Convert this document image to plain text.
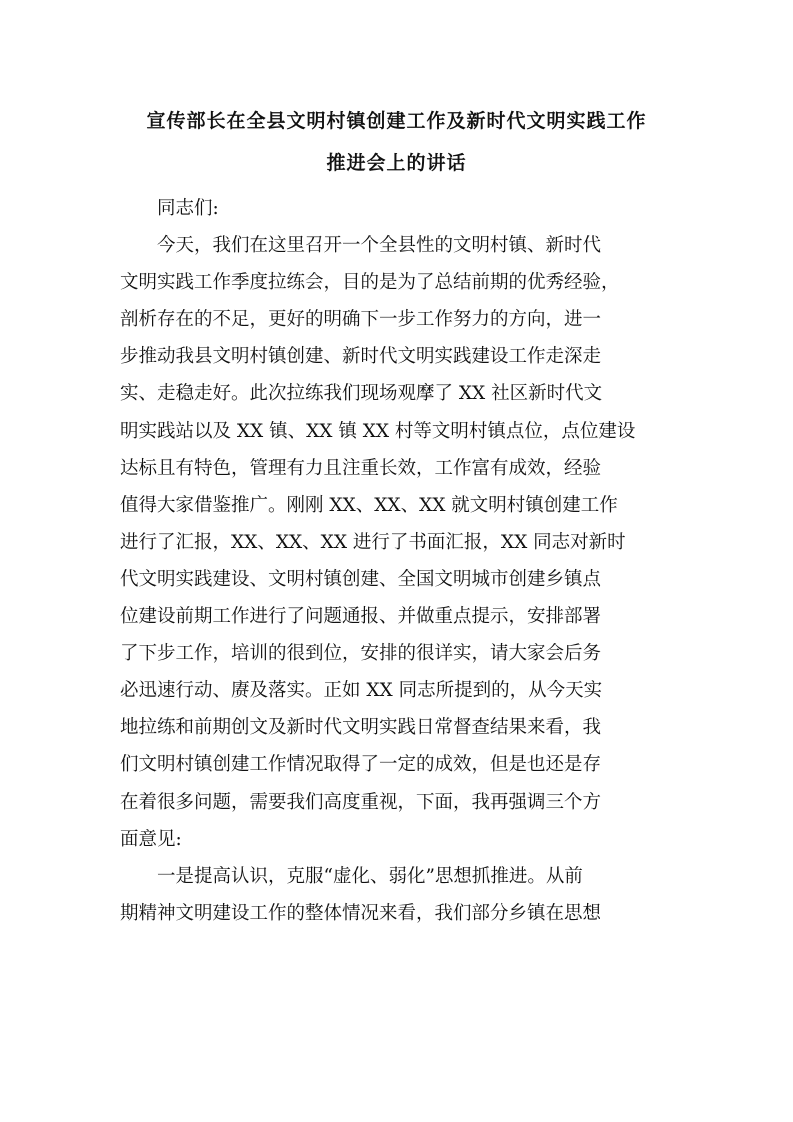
宣传部长在全县文明村镇创建工作及新时代文明实践工作
推进会上的讲话
同志们:
今天，我们在这里召开一个全县性的文明村镇、新时代
文明实践工作季度拉练会，目的是为了总结前期的优秀经验，
剖析存在的不足，更好的明确下一步工作努力的方向，进一
步推动我县文明村镇创建、新时代文明实践建设工作走深走
实、走稳走好。此次拉练我们现场观摩了 XX 社区新时代文
明实践站以及 XX 镇、XX 镇 XX 村等文明村镇点位，点位建设
达标且有特色，管理有力且注重长效，工作富有成效，经验
值得大家借鉴推广。刚刚 XX、XX、XX 就文明村镇创建工作
进行了汇报，XX、XX、XX 进行了书面汇报，XX 同志对新时
代文明实践建设、文明村镇创建、全国文明城市创建乡镇点
位建设前期工作进行了问题通报、并做重点提示，安排部署
了下步工作，培训的很到位，安排的很详实，请大家会后务
必迅速行动、赓及落实。正如 XX 同志所提到的，从今天实
地拉练和前期创文及新时代文明实践日常督查结果来看，我
们文明村镇创建工作情况取得了一定的成效，但是也还是存
在着很多问题，需要我们高度重视，下面，我再强调三个方
面意见:
一是提高认识，克服“虚化、弱化”思想抓推进。从前
期精神文明建设工作的整体情况来看，我们部分乡镇在思想
